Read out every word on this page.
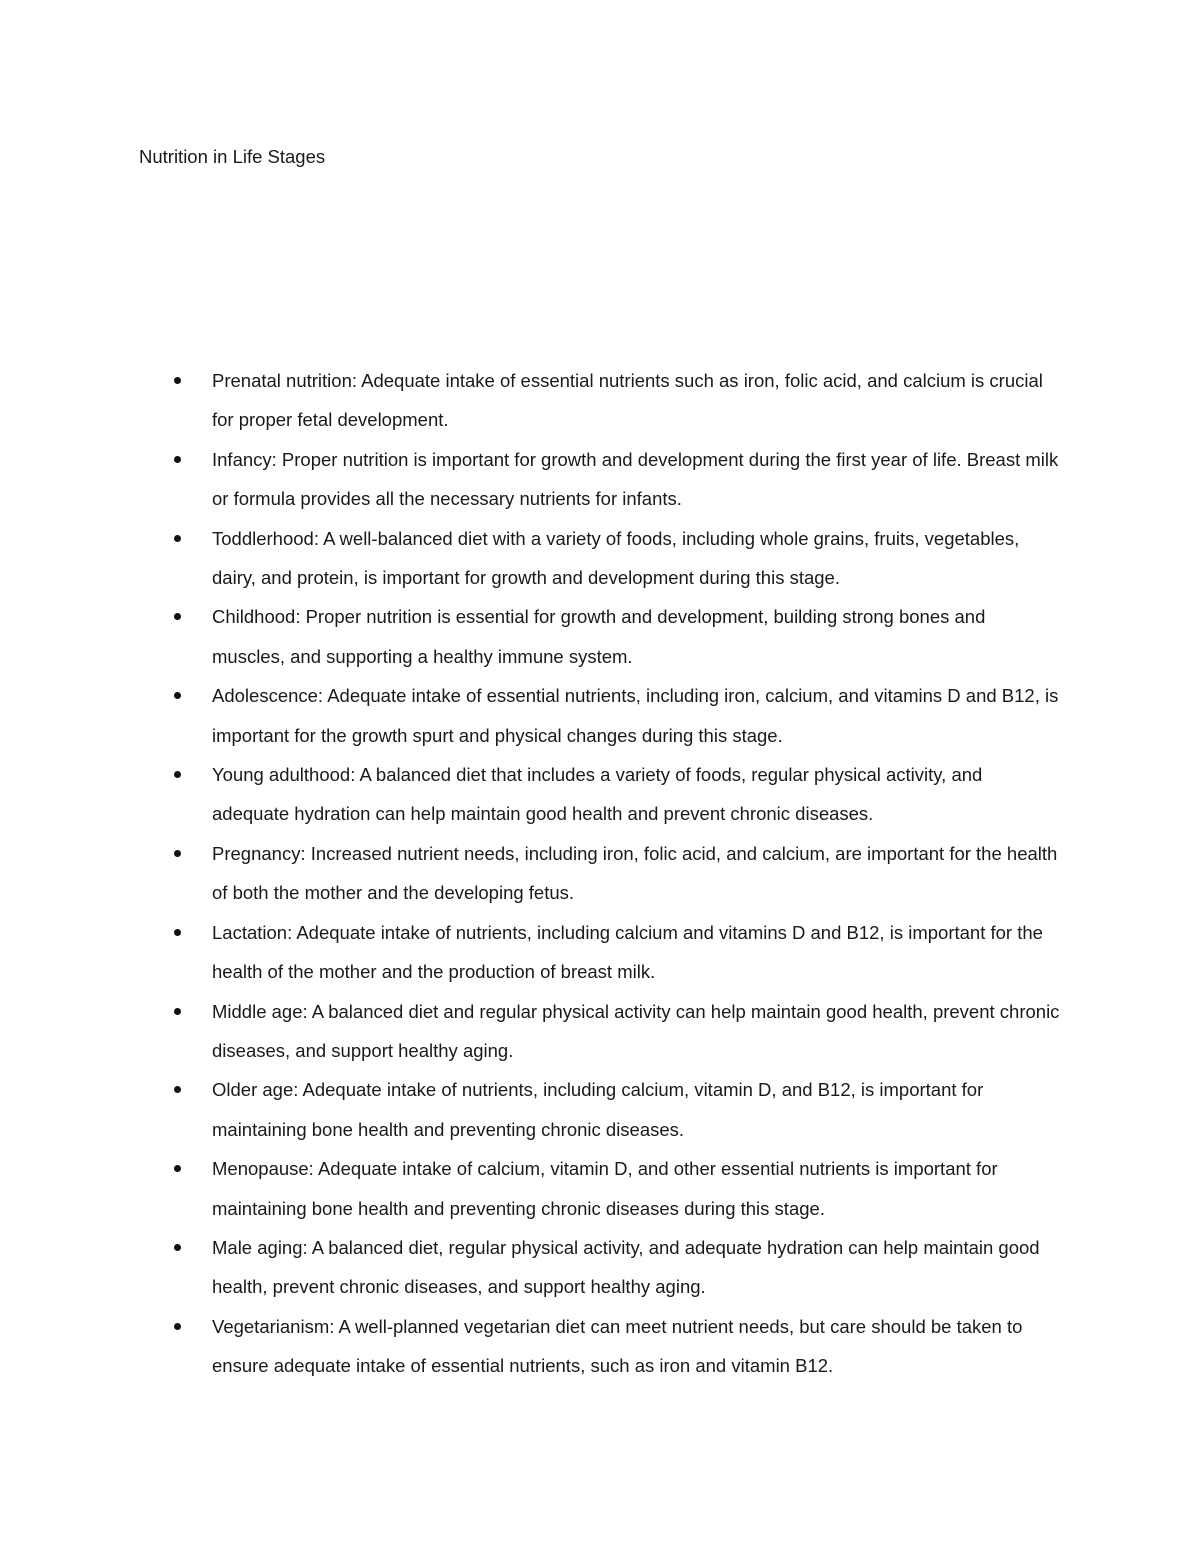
Nutrition in Life Stages
Prenatal nutrition: Adequate intake of essential nutrients such as iron, folic acid, and calcium is crucial for proper fetal development.
Infancy: Proper nutrition is important for growth and development during the first year of life. Breast milk or formula provides all the necessary nutrients for infants.
Toddlerhood: A well-balanced diet with a variety of foods, including whole grains, fruits, vegetables, dairy, and protein, is important for growth and development during this stage.
Childhood: Proper nutrition is essential for growth and development, building strong bones and muscles, and supporting a healthy immune system.
Adolescence: Adequate intake of essential nutrients, including iron, calcium, and vitamins D and B12, is important for the growth spurt and physical changes during this stage.
Young adulthood: A balanced diet that includes a variety of foods, regular physical activity, and adequate hydration can help maintain good health and prevent chronic diseases.
Pregnancy: Increased nutrient needs, including iron, folic acid, and calcium, are important for the health of both the mother and the developing fetus.
Lactation: Adequate intake of nutrients, including calcium and vitamins D and B12, is important for the health of the mother and the production of breast milk.
Middle age: A balanced diet and regular physical activity can help maintain good health, prevent chronic diseases, and support healthy aging.
Older age: Adequate intake of nutrients, including calcium, vitamin D, and B12, is important for maintaining bone health and preventing chronic diseases.
Menopause: Adequate intake of calcium, vitamin D, and other essential nutrients is important for maintaining bone health and preventing chronic diseases during this stage.
Male aging: A balanced diet, regular physical activity, and adequate hydration can help maintain good health, prevent chronic diseases, and support healthy aging.
Vegetarianism: A well-planned vegetarian diet can meet nutrient needs, but care should be taken to ensure adequate intake of essential nutrients, such as iron and vitamin B12.
